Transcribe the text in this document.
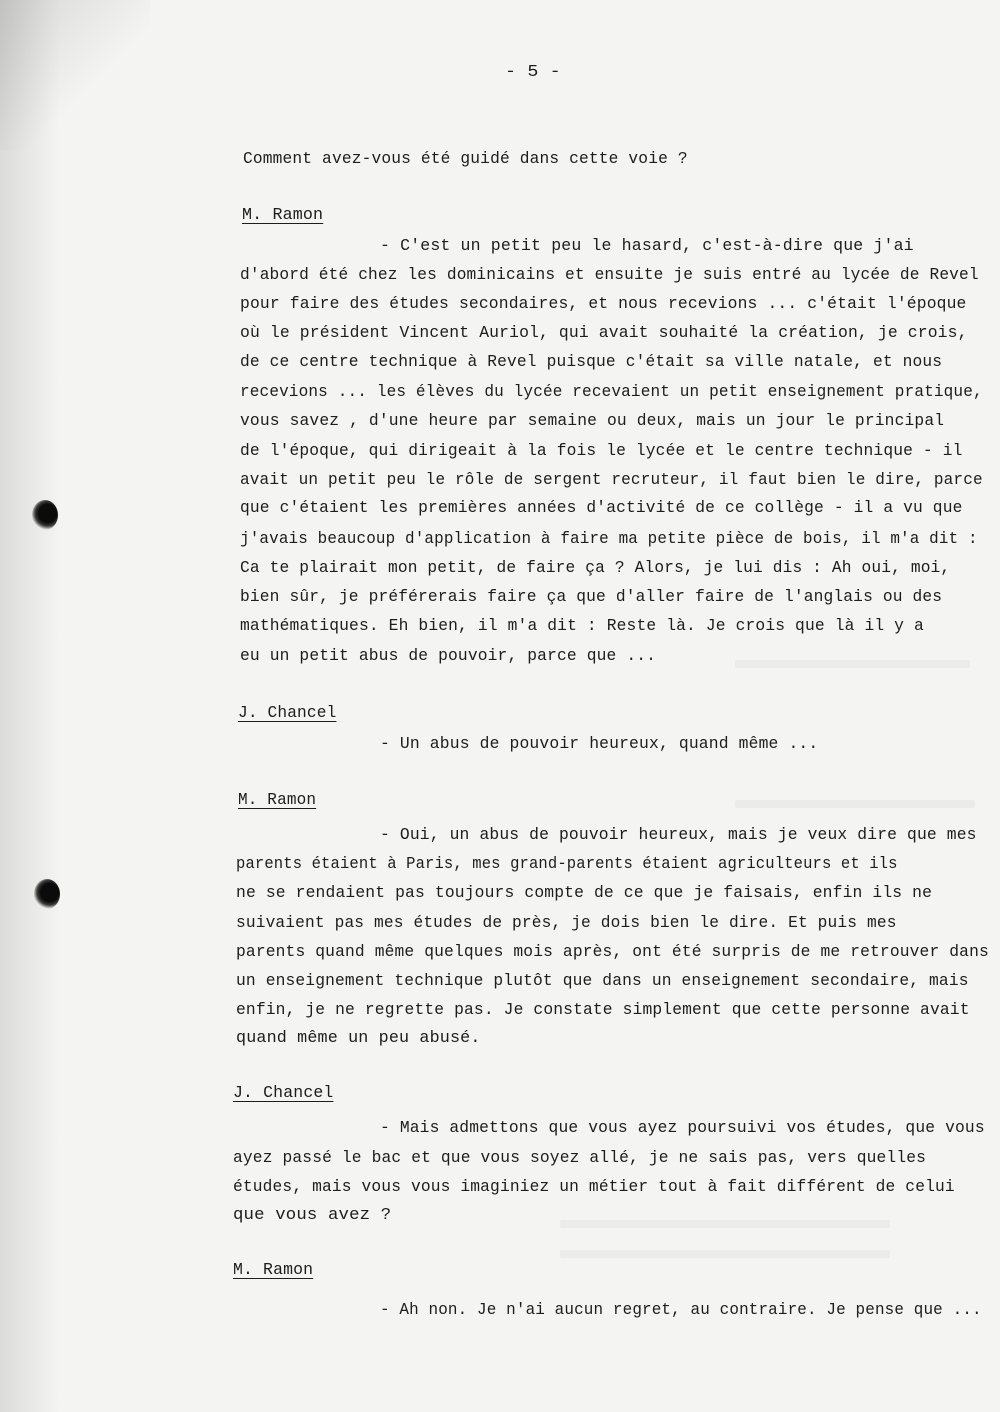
- 5 -
Comment avez-vous été guidé dans cette voie ?
M. Ramon
- C'est un petit peu le hasard, c'est-à-dire que j'ai
d'abord été chez les dominicains et ensuite je suis entré au lycée de Revel
pour faire des études secondaires, et nous recevions ... c'était l'époque
où le président Vincent Auriol, qui avait souhaité la création, je crois,
de ce centre technique à Revel puisque c'était sa ville natale, et nous
recevions ... les élèves du lycée recevaient un petit enseignement pratique,
vous savez , d'une heure par semaine ou deux, mais un jour le principal
de l'époque, qui dirigeait à la fois le lycée et le centre technique - il
avait un petit peu le rôle de sergent recruteur, il faut bien le dire, parce
que c'étaient les premières années d'activité de ce collège - il a vu que
j'avais beaucoup d'application à faire ma petite pièce de bois, il m'a dit :
Ca te plairait mon petit, de faire ça ? Alors, je lui dis : Ah oui, moi,
bien sûr, je préférerais faire ça que d'aller faire de l'anglais ou des
mathématiques. Eh bien, il m'a dit : Reste là. Je crois que là il y a
eu un petit abus de pouvoir, parce que ...
J. Chancel
- Un abus de pouvoir heureux, quand même ...
M. Ramon
- Oui, un abus de pouvoir heureux, mais je veux dire que mes
parents étaient à Paris, mes grand-parents étaient agriculteurs et ils
ne se rendaient pas toujours compte de ce que je faisais, enfin ils ne
suivaient pas mes études de près, je dois bien le dire. Et puis mes
parents quand même quelques mois après, ont été surpris de me retrouver dans
un enseignement technique plutôt que dans un enseignement secondaire, mais
enfin, je ne regrette pas. Je constate simplement que cette personne avait
quand même un peu abusé.
J. Chancel
- Mais admettons que vous ayez poursuivi vos études, que vous
ayez passé le bac et que vous soyez allé, je ne sais pas, vers quelles
études, mais vous vous imaginiez un métier tout à fait différent de celui
que vous avez ?
M. Ramon
- Ah non. Je n'ai aucun regret, au contraire. Je pense que ...
